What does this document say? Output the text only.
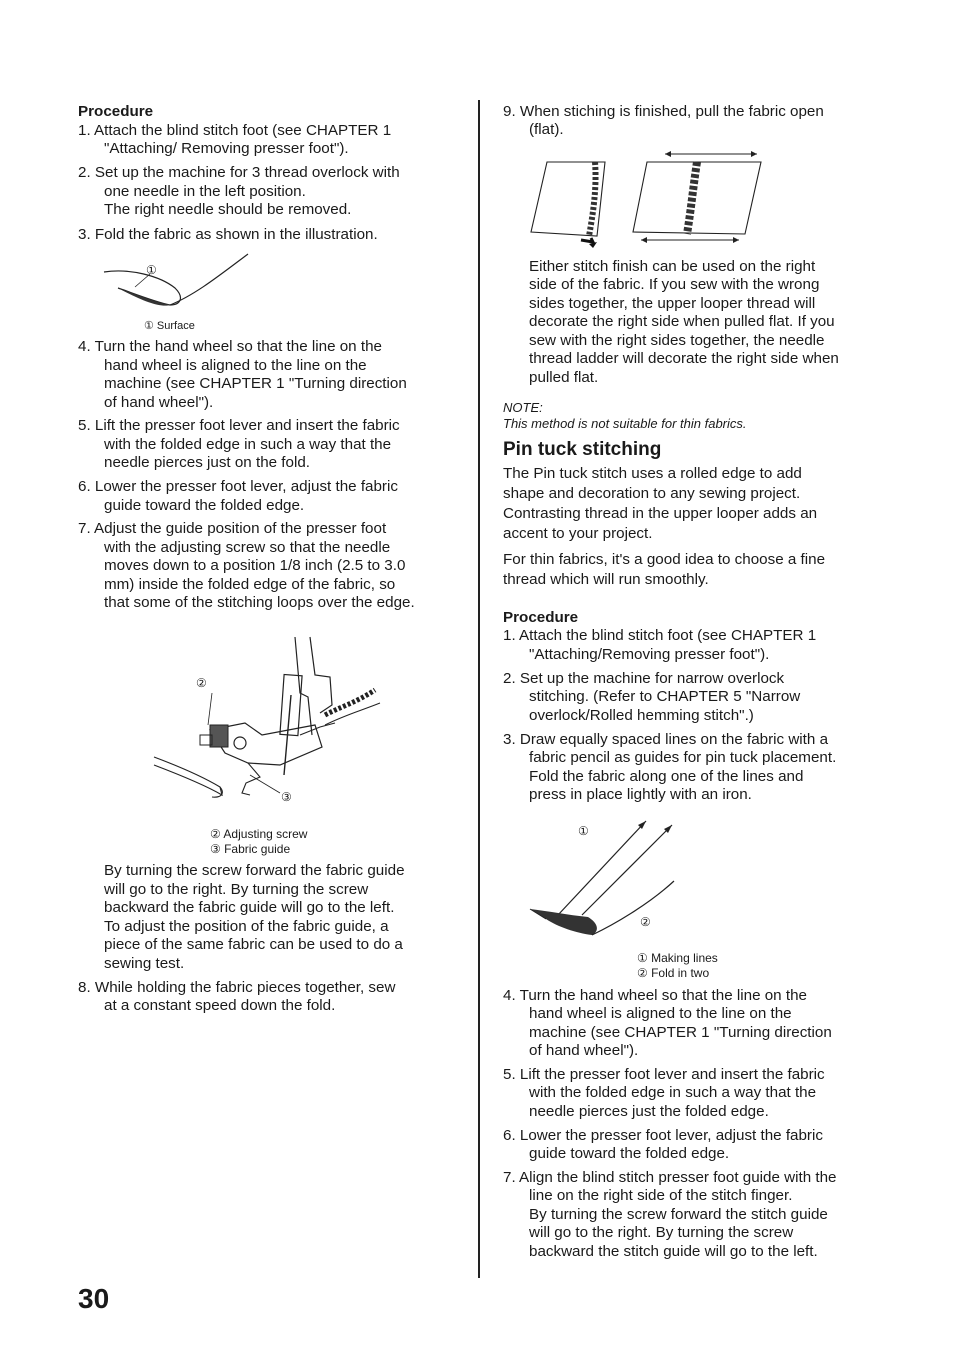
Procedure
1. Attach the blind stitch foot (see CHAPTER 1
"Attaching/ Removing presser foot").
2. Set up the machine for 3 thread overlock with
one needle in the left position.
The right needle should be removed.
3. Fold the fabric as shown in the illustration.
①
① Surface
4. Turn the hand wheel so that the line on the
hand wheel is aligned to the line on the
machine (see CHAPTER 1 "Turning direction
of hand wheel").
5. Lift the presser foot lever and insert the fabric
with the folded edge in such a way that the
needle pierces just on the fold.
6. Lower the presser foot lever, adjust the fabric
guide toward the folded edge.
7. Adjust the guide position of the presser foot
with the adjusting screw so that the needle
moves down to a position 1/8 inch (2.5 to 3.0
mm) inside the folded edge of the fabric, so
that some of the stitching loops over the edge.
②
③
② Adjusting screw
③ Fabric guide
By turning the screw forward the fabric guide
will go to the right. By turning the screw
backward the fabric guide will go to the left.
To adjust the position of the fabric guide, a
piece of the same fabric can be used to do a
sewing test.
8. While holding the fabric pieces together, sew
at a constant speed down the fold.
9. When stiching is finished, pull the fabric open
(flat).
Either stitch finish can be used on the right
side of the fabric. If you sew with the wrong
sides together, the upper looper thread will
decorate the right side when pulled flat. If you
sew with the right sides together, the needle
thread ladder will decorate the right side when
pulled flat.
NOTE:
This method is not suitable for thin fabrics.
Pin tuck stitching
The Pin tuck stitch uses a rolled edge to add
shape and decoration to any sewing project.
Contrasting thread in the upper looper adds an
accent to your project.
For thin fabrics, it's a good idea to choose a fine
thread which will run smoothly.
Procedure
1. Attach the blind stitch foot (see CHAPTER 1
"Attaching/Removing presser foot").
2. Set up the machine for narrow overlock
stitching. (Refer to CHAPTER 5 "Narrow
overlock/Rolled hemming stitch".)
3. Draw equally spaced lines on the fabric with a
fabric pencil as guides for pin tuck placement.
Fold the fabric along one of the lines and
press in place lightly with an iron.
①
②
① Making lines
② Fold in two
4. Turn the hand wheel so that the line on the
hand wheel is aligned to the line on the
machine (see CHAPTER 1 "Turning direction
of hand wheel").
5. Lift the presser foot lever and insert the fabric
with the folded edge in such a way that the
needle pierces just the folded edge.
6. Lower the presser foot lever, adjust the fabric
guide toward the folded edge.
7. Align the blind stitch presser foot guide with the
line on the right side of the stitch finger.
By turning the screw forward the stitch guide
will go to the right. By turning the screw
backward the stitch guide will go to the left.
30
